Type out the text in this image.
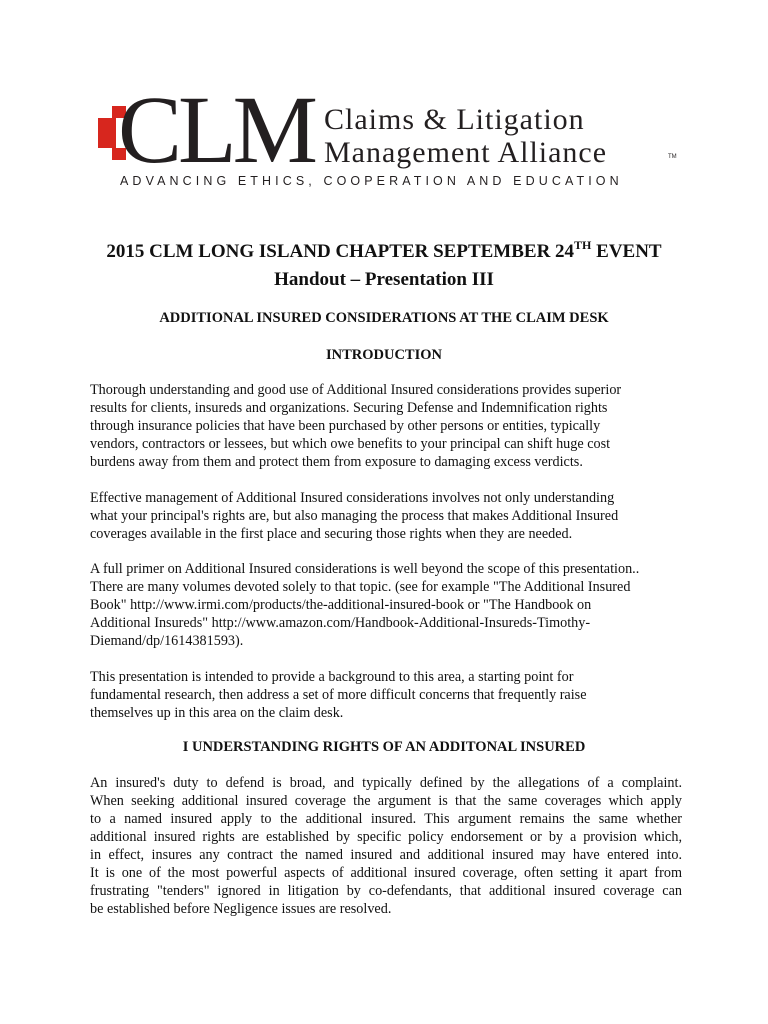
CLM Claims & Litigation
Management Alliance	TM
ADVANCING ETHICS, COOPERATION AND EDUCATION
2015 CLM LONG ISLAND CHAPTER SEPTEMBER 24TH EVENT
Handout – Presentation III
ADDITIONAL INSURED CONSIDERATIONS AT THE CLAIM DESK
INTRODUCTION
Thorough understanding and good use of Additional Insured considerations provides superior
results for clients, insureds and organizations. Securing Defense and Indemnification rights
through insurance policies that have been purchased by other persons or entities, typically
vendors, contractors or lessees, but which owe benefits to your principal can shift huge cost
burdens away from them and protect them from exposure to damaging excess verdicts.
Effective management of Additional Insured considerations involves not only understanding
what your principal's rights are, but also managing the process that makes Additional Insured
coverages available in the first place and securing those rights when they are needed.
A full primer on Additional Insured considerations is well beyond the scope of this presentation..
There are many volumes devoted solely to that topic. (see for example "The Additional Insured
Book" http://www.irmi.com/products/the-additional-insured-book or "The Handbook on
Additional Insureds" http://www.amazon.com/Handbook-Additional-Insureds-Timothy-
Diemand/dp/1614381593).
This presentation is intended to provide a background to this area, a starting point for
fundamental research, then address a set of more difficult concerns that frequently raise
themselves up in this area on the claim desk.
I UNDERSTANDING RIGHTS OF AN ADDITONAL INSURED
An insured's duty to defend is broad, and typically defined by the allegations of a complaint.
When seeking additional insured coverage the argument is that the same coverages which apply
to a named insured apply to the additional insured. This argument remains the same whether
additional insured rights are established by specific policy endorsement or by a provision which,
in effect, insures any contract the named insured and additional insured may have entered into.
It is one of the most powerful aspects of additional insured coverage, often setting it apart from
frustrating "tenders" ignored in litigation by co-defendants, that additional insured coverage can
be established before Negligence issues are resolved.
